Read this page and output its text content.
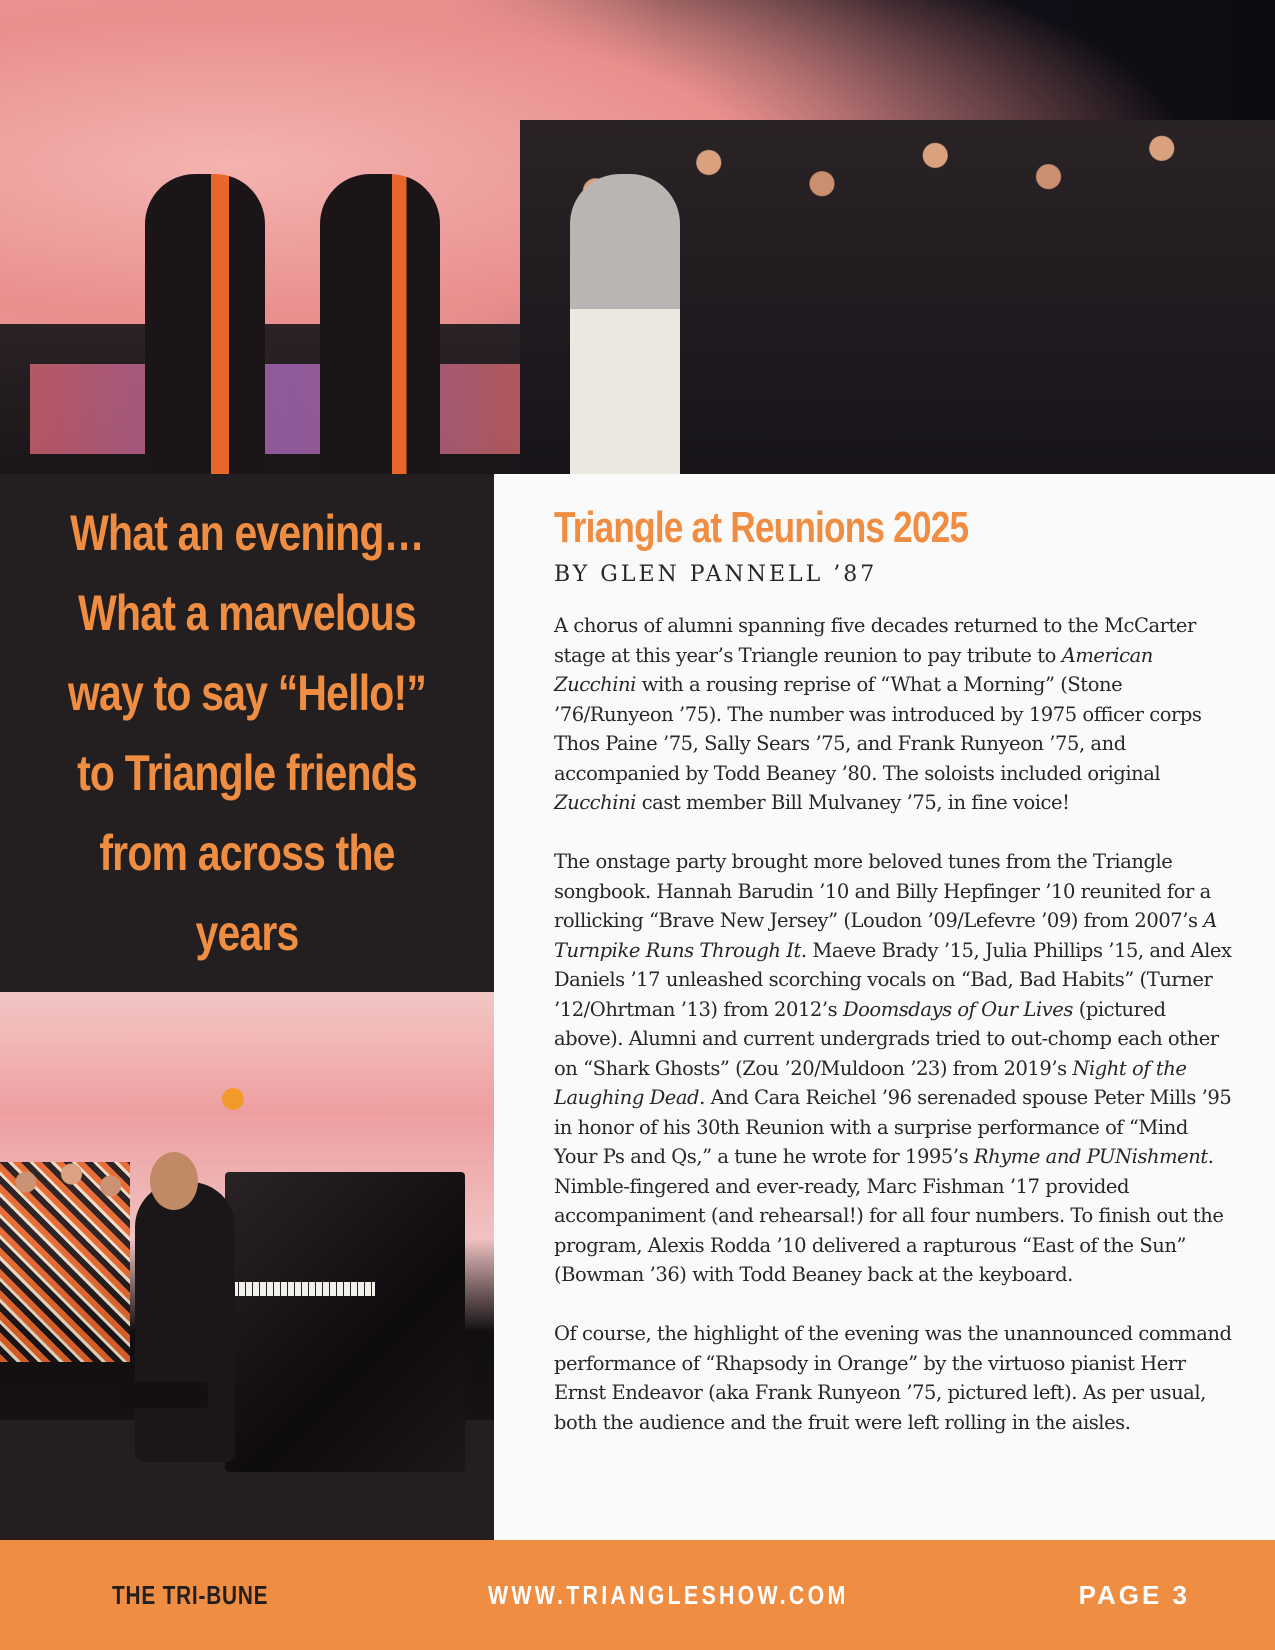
What an evening…
What a marvelous
way to say “Hello!”
to Triangle friends
from across the
years
Triangle at Reunions 2025
BY GLEN PANNELL ’87

A chorus of alumni spanning five decades returned to the McCarter stage at this year’s Triangle reunion to pay tribute to American Zucchini with a rousing reprise of “What a Morning” (Stone ’76/Runyeon ’75). The number was introduced by 1975 officer corps Thos Paine ’75, Sally Sears ’75, and Frank Runyeon ’75, and accompanied by Todd Beaney ’80. The soloists included original Zucchini cast member Bill Mulvaney ’75, in fine voice!

The onstage party brought more beloved tunes from the Triangle songbook. Hannah Barudin ’10 and Billy Hepfinger ’10 reunited for a rollicking “Brave New Jersey” (Loudon ’09/Lefevre ’09) from 2007’s A Turnpike Runs Through It. Maeve Brady ’15, Julia Phillips ’15, and Alex Daniels ’17 unleashed scorching vocals on “Bad, Bad Habits” (Turner ’12/Ohrtman ’13) from 2012’s Doomsdays of Our Lives (pictured above). Alumni and current undergrads tried to out-chomp each other on “Shark Ghosts” (Zou ’20/Muldoon ’23) from 2019’s Night of the Laughing Dead. And Cara Reichel ’96 serenaded spouse Peter Mills ’95 in honor of his 30th Reunion with a surprise performance of “Mind Your Ps and Qs,” a tune he wrote for 1995’s Rhyme and PUNishment. Nimble-fingered and ever-ready, Marc Fishman ’17 provided accompaniment (and rehearsal!) for all four numbers. To finish out the program, Alexis Rodda ’10 delivered a rapturous “East of the Sun” (Bowman ’36) with Todd Beaney back at the keyboard.

Of course, the highlight of the evening was the unannounced command performance of “Rhapsody in Orange” by the virtuoso pianist Herr Ernst Endeavor (aka Frank Runyeon ’75, pictured left). As per usual, both the audience and the fruit were left rolling in the aisles.

THE TRI-BUNE	WWW.TRIANGLESHOW.COM	PAGE 3
